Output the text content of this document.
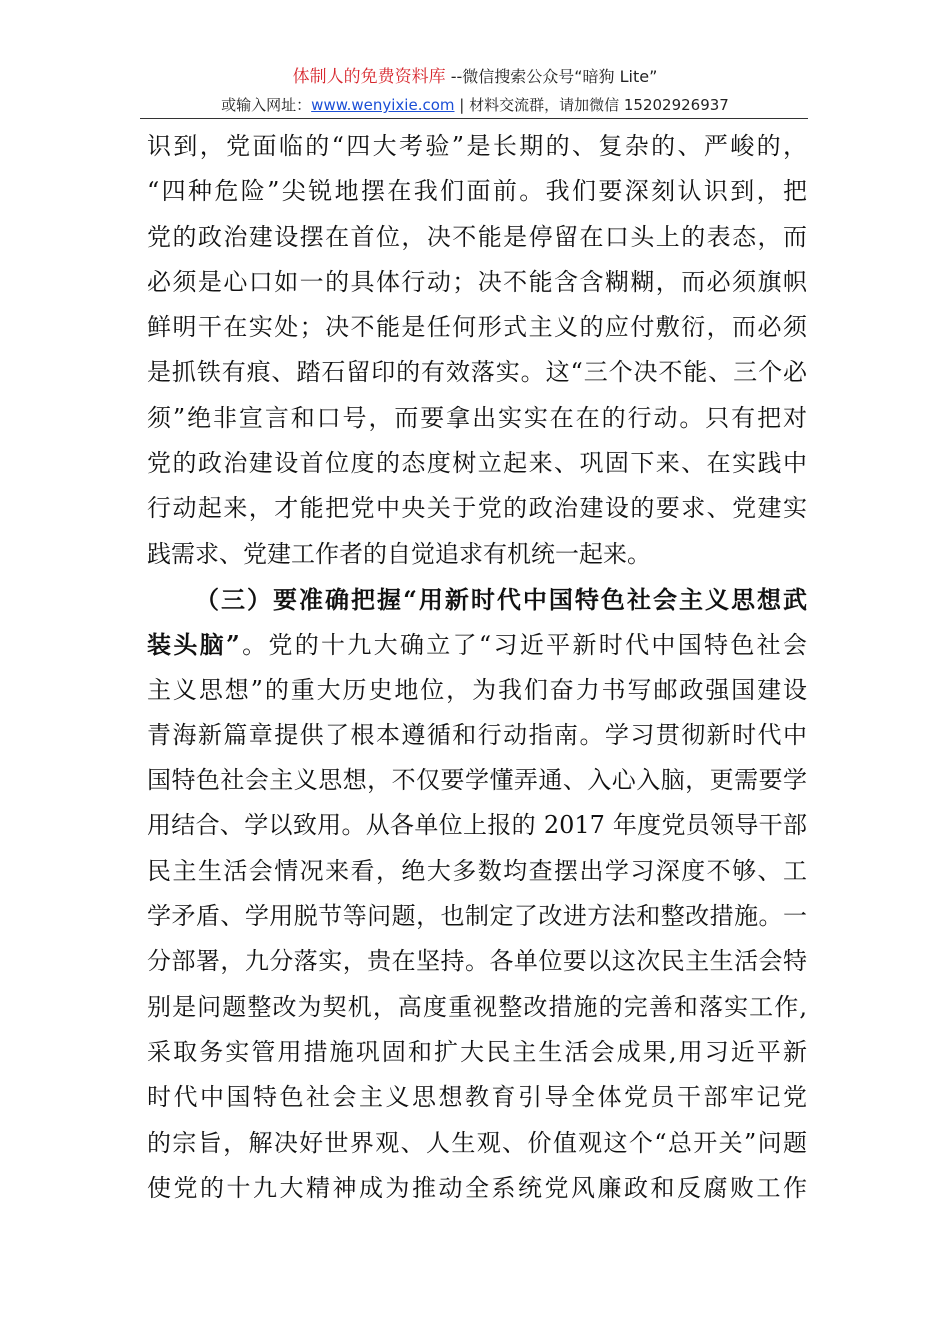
体制人的免费资料库 --微信搜索公众号“暗狗 Lite”
或输入网址：www.wenyixie.com | 材料交流群，请加微信 15202926937
识到，党面临的“四大考验”是长期的、复杂的、严峻的，
“四种危险”尖锐地摆在我们面前。我们要深刻认识到，把
党的政治建设摆在首位，决不能是停留在口头上的表态，而
必须是心口如一的具体行动；决不能含含糊糊，而必须旗帜
鲜明干在实处；决不能是任何形式主义的应付敷衍，而必须
是抓铁有痕、踏石留印的有效落实。这“三个决不能、三个必
须”绝非宣言和口号，而要拿出实实在在的行动。只有把对
党的政治建设首位度的态度树立起来、巩固下来、在实践中
行动起来，才能把党中央关于党的政治建设的要求、党建实
践需求、党建工作者的自觉追求有机统一起来。
（三）要准确把握“用新时代中国特色社会主义思想武
装头脑”。党的十九大确立了“习近平新时代中国特色社会
主义思想”的重大历史地位，为我们奋力书写邮政强国建设
青海新篇章提供了根本遵循和行动指南。学习贯彻新时代中
国特色社会主义思想，不仅要学懂弄通、入心入脑，更需要学
用结合、学以致用。从各单位上报的 2017 年度党员领导干部
民主生活会情况来看，绝大多数均查摆出学习深度不够、工
学矛盾、学用脱节等问题，也制定了改进方法和整改措施。一
分部署，九分落实，贵在坚持。各单位要以这次民主生活会特
别是问题整改为契机，高度重视整改措施的完善和落实工作,
采取务实管用措施巩固和扩大民主生活会成果,用习近平新
时代中国特色社会主义思想教育引导全体党员干部牢记党
的宗旨，解决好世界观、人生观、价值观这个“总开关”问题
使党的十九大精神成为推动全系统党风廉政和反腐败工作
